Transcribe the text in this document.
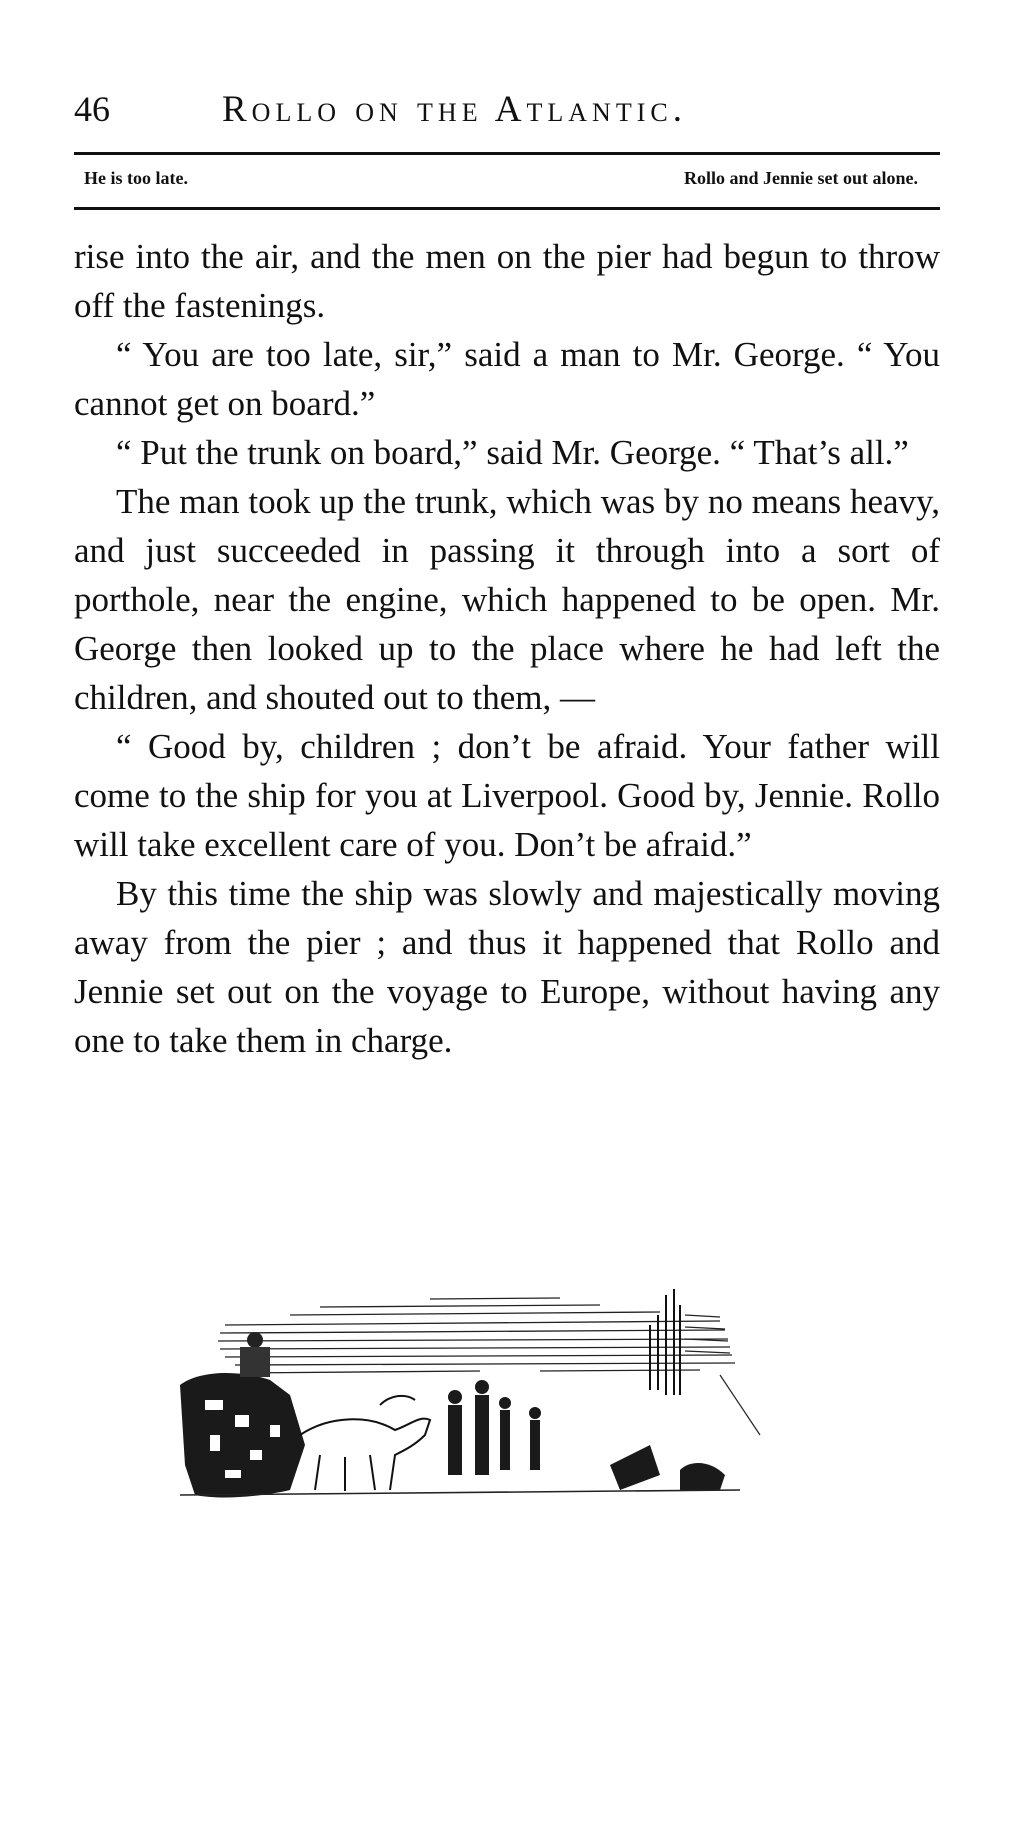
46	Rollo on the Atlantic.
He is too late.	Rollo and Jennie set out alone.

rise into the air, and the men on the pier had begun to throw off the fastenings.

“ You are too late, sir,” said a man to Mr. George. “ You cannot get on board.”

“ Put the trunk on board,” said Mr. George. “ That’s all.”

The man took up the trunk, which was by no means heavy, and just succeeded in passing it through into a sort of porthole, near the engine, which happened to be open. Mr. George then looked up to the place where he had left the children, and shouted out to them, —

“ Good by, children ; don’t be afraid. Your father will come to the ship for you at Liverpool. Good by, Jennie. Rollo will take excellent care of you. Don’t be afraid.”

By this time the ship was slowly and majestically moving away from the pier ; and thus it happened that Rollo and Jennie set out on the voyage to Europe, without having any one to take them in charge.
